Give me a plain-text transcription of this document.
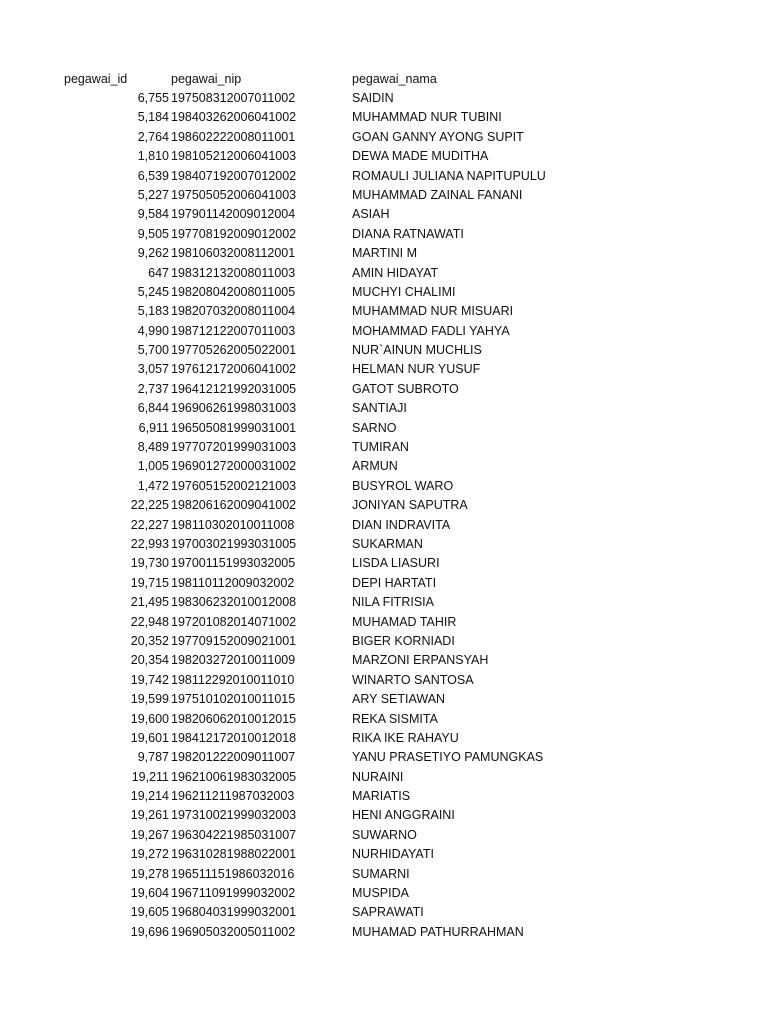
pegawai_id	pegawai_nip	pegawai_nama
6,755 197508312007011002	SAIDIN
5,184 198403262006041002	MUHAMMAD NUR TUBINI
2,764 198602222008011001	GOAN GANNY AYONG SUPIT
1,810 198105212006041003	DEWA MADE MUDITHA
6,539 198407192007012002	ROMAULI JULIANA NAPITUPULU
5,227 197505052006041003	MUHAMMAD ZAINAL FANANI
9,584 197901142009012004	ASIAH
9,505 197708192009012002	DIANA RATNAWATI
9,262 198106032008112001	MARTINI M
647 198312132008011003	AMIN HIDAYAT
5,245 198208042008011005	MUCHYI CHALIMI
5,183 198207032008011004	MUHAMMAD NUR MISUARI
4,990 198712122007011003	MOHAMMAD FADLI YAHYA
5,700 197705262005022001	NUR`AINUN MUCHLIS
3,057 197612172006041002	HELMAN NUR YUSUF
2,737 196412121992031005	GATOT SUBROTO
6,844 196906261998031003	SANTIAJI
6,911 196505081999031001	SARNO
8,489 197707201999031003	TUMIRAN
1,005 196901272000031002	ARMUN
1,472 197605152002121003	BUSYROL WARO
22,225 198206162009041002	JONIYAN SAPUTRA
22,227 198110302010011008	DIAN INDRAVITA
22,993 197003021993031005	SUKARMAN
19,730 197001151993032005	LISDA LIASURI
19,715 198110112009032002	DEPI HARTATI
21,495 198306232010012008	NILA FITRISIA
22,948 197201082014071002	MUHAMAD TAHIR
20,352 197709152009021001	BIGER KORNIADI
20,354 198203272010011009	MARZONI ERPANSYAH
19,742 198112292010011010	WINARTO SANTOSA
19,599 197510102010011015	ARY SETIAWAN
19,600 198206062010012015	REKA SISMITA
19,601 198412172010012018	RIKA IKE RAHAYU
9,787 198201222009011007	YANU PRASETIYO PAMUNGKAS
19,211 196210061983032005	NURAINI
19,214 196211211987032003	MARIATIS
19,261 197310021999032003	HENI ANGGRAINI
19,267 196304221985031007	SUWARNO
19,272 196310281988022001	NURHIDAYATI
19,278 196511151986032016	SUMARNI
19,604 196711091999032002	MUSPIDA
19,605 196804031999032001	SAPRAWATI
19,696 196905032005011002	MUHAMAD PATHURRAHMAN
